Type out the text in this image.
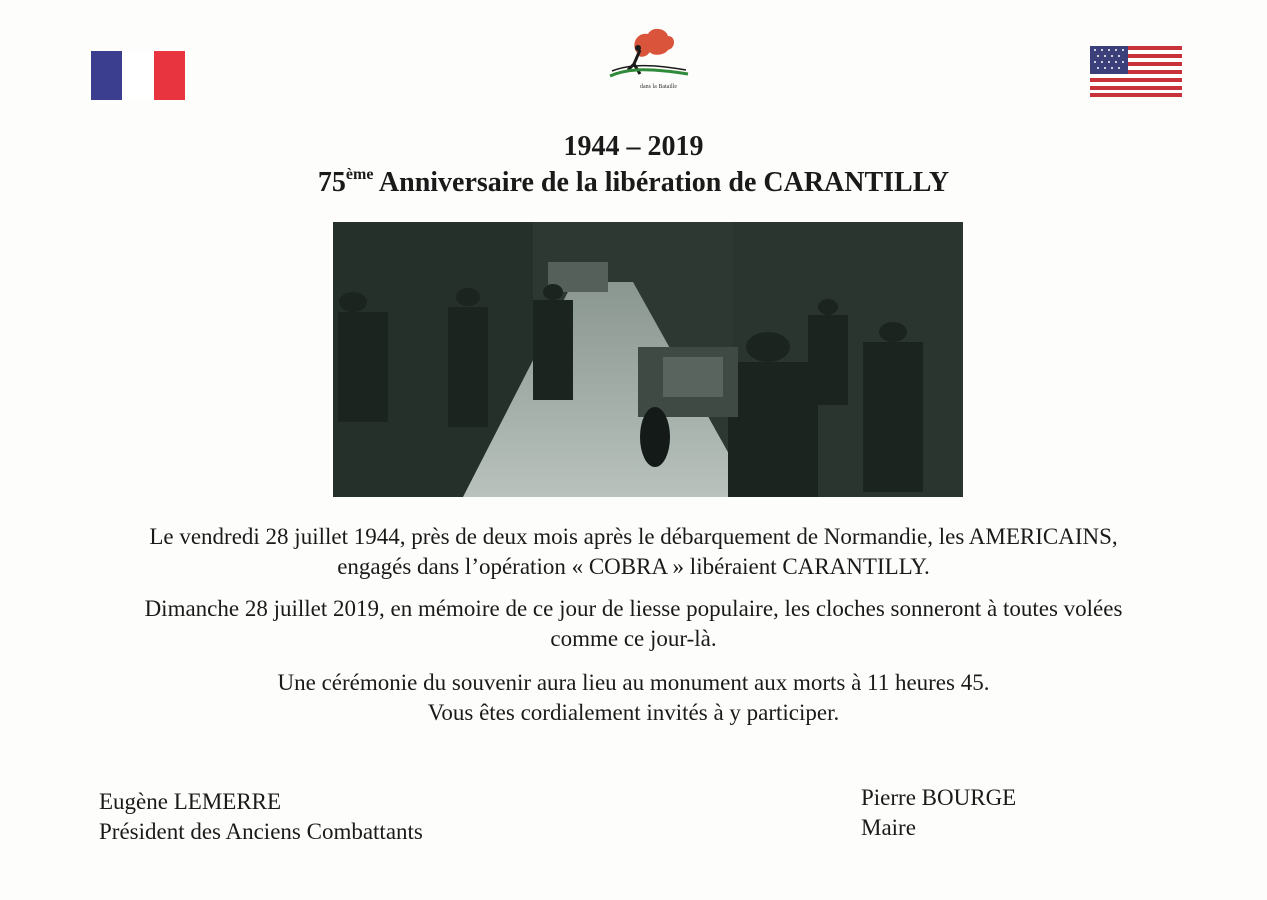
dans la Bataille
1944 – 2019
75ème Anniversaire de la libération de CARANTILLY
Le vendredi 28 juillet 1944, près de deux mois après le débarquement de Normandie, les AMERICAINS,
engagés dans l’opération « COBRA » libéraient CARANTILLY.
Dimanche 28 juillet 2019, en mémoire de ce jour de liesse populaire, les cloches sonneront à toutes volées
comme ce jour-là.
Une cérémonie du souvenir aura lieu au monument aux morts à 11 heures 45.
Vous êtes cordialement invités à y participer.
Eugène LEMERRE
Président des Anciens Combattants
Pierre BOURGE
Maire
